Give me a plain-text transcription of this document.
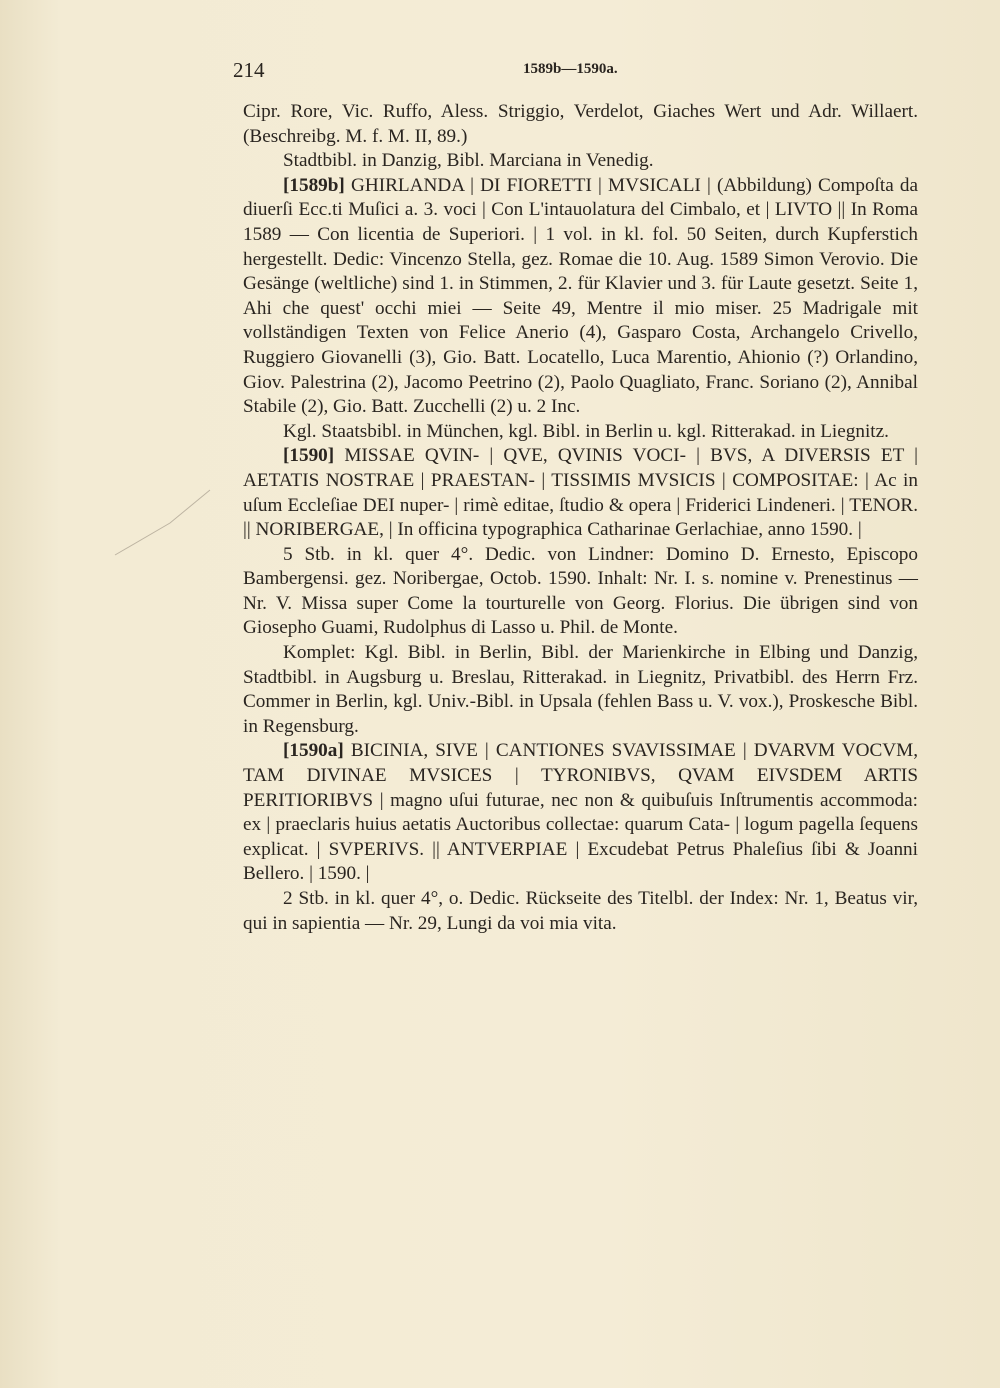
214	1589b—1590a.

Cipr. Rore, Vic. Ruffo, Aless. Striggio, Verdelot, Giaches Wert und Adr. Willaert. (Beschreibg. M. f. M. II, 89.)

Stadtbibl. in Danzig, Bibl. Marciana in Venedig.

[1589b] GHIRLANDA | DI FIORETTI | MVSICALI | (Abbildung) Compoſta da diuerſi Ecc.ti Muſici a. 3. voci | Con L'intauolatura del Cimbalo, et | LIVTO || In Roma 1589 — Con licentia de Superiori. | 1 vol. in kl. fol. 50 Seiten, durch Kupferstich hergestellt. Dedic: Vincenzo Stella, gez. Romae die 10. Aug. 1589 Simon Verovio. Die Gesänge (weltliche) sind 1. in Stimmen, 2. für Klavier und 3. für Laute gesetzt. Seite 1, Ahi che quest' occhi miei — Seite 49, Mentre il mio miser. 25 Madrigale mit vollständigen Texten von Felice Anerio (4), Gasparo Costa, Archangelo Crivello, Ruggiero Giovanelli (3), Gio. Batt. Locatello, Luca Marentio, Ahionio (?) Orlandino, Giov. Palestrina (2), Jacomo Peetrino (2), Paolo Quagliato, Franc. Soriano (2), Annibal Stabile (2), Gio. Batt. Zucchelli (2) u. 2 Inc.

Kgl. Staatsbibl. in München, kgl. Bibl. in Berlin u. kgl. Ritterakad. in Liegnitz.

[1590] MISSAE QVIN- | QVE, QVINIS VOCI- | BVS, A DIVERSIS ET | AETATIS NOSTRAE | PRAESTAN- | TISSIMIS MVSICIS | COMPOSITAE: | Ac in uſum Eccleſiae DEI nuper- | rimè editae, ſtudio & opera | Friderici Lindeneri. | TENOR. || NORIBERGAE, | In officina typographica Catharinae Gerlachiae, anno 1590. |

5 Stb. in kl. quer 4°. Dedic. von Lindner: Domino D. Ernesto, Episcopo Bambergensi. gez. Noribergae, Octob. 1590. Inhalt: Nr. I. s. nomine v. Prenestinus — Nr. V. Missa super Come la tourturelle von Georg. Florius. Die übrigen sind von Giosepho Guami, Rudolphus di Lasso u. Phil. de Monte.

Komplet: Kgl. Bibl. in Berlin, Bibl. der Marienkirche in Elbing und Danzig, Stadtbibl. in Augsburg u. Breslau, Ritterakad. in Liegnitz, Privatbibl. des Herrn Frz. Commer in Berlin, kgl. Univ.-Bibl. in Upsala (fehlen Bass u. V. vox.), Proskesche Bibl. in Regensburg.

[1590a] BICINIA, SIVE | CANTIONES SVAVISSIMAE | DVARVM VOCVM, TAM DIVINAE MVSICES | TYRONIBVS, QVAM EIVSDEM ARTIS PERITIORIBVS | magno uſui futurae, nec non & quibuſuis Inſtrumentis accommoda: ex | praeclaris huius aetatis Auctoribus collectae: quarum Cata- | logum pagella ſequens explicat. | SVPERIVS. || ANTVERPIAE | Excudebat Petrus Phaleſius ſibi & Joanni Bellero. | 1590. |

2 Stb. in kl. quer 4°, o. Dedic. Rückseite des Titelbl. der Index: Nr. 1, Beatus vir, qui in sapientia — Nr. 29, Lungi da voi mia vita.
